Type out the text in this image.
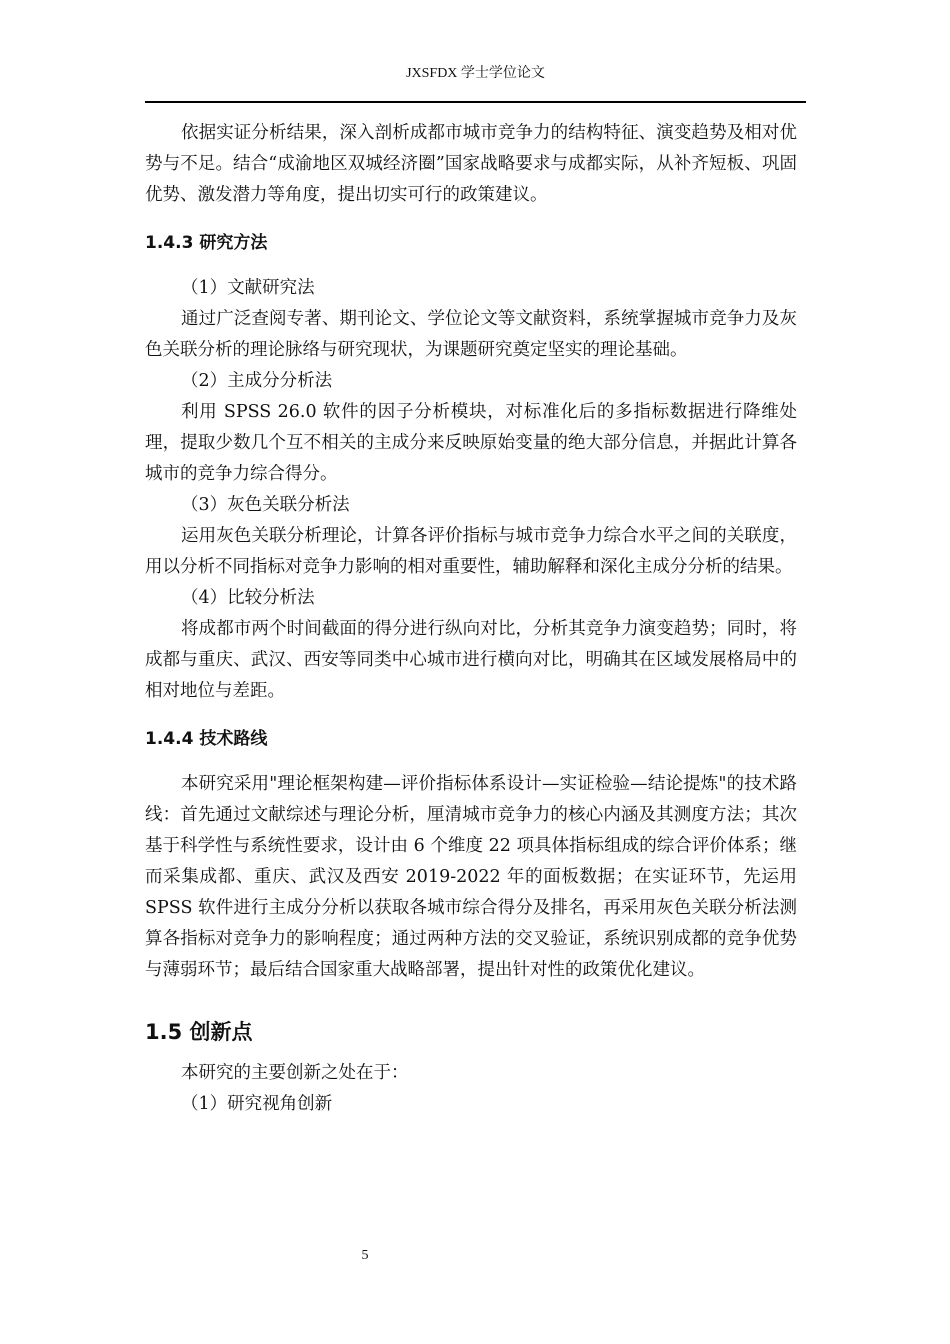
JXSFDX 学士学位论文

依据实证分析结果，深入剖析成都市城市竞争力的结构特征、演变趋势及相对优势与不足。结合“成渝地区双城经济圈”国家战略要求与成都实际，从补齐短板、巩固优势、激发潜力等角度，提出切实可行的政策建议。

1.4.3 研究方法

（1）文献研究法

通过广泛查阅专著、期刊论文、学位论文等文献资料，系统掌握城市竞争力及灰色关联分析的理论脉络与研究现状，为课题研究奠定坚实的理论基础。

（2）主成分分析法

利用 SPSS 26.0 软件的因子分析模块，对标准化后的多指标数据进行降维处理，提取少数几个互不相关的主成分来反映原始变量的绝大部分信息，并据此计算各城市的竞争力综合得分。

（3）灰色关联分析法

运用灰色关联分析理论，计算各评价指标与城市竞争力综合水平之间的关联度，用以分析不同指标对竞争力影响的相对重要性，辅助解释和深化主成分分析的结果。

（4）比较分析法

将成都市两个时间截面的得分进行纵向对比，分析其竞争力演变趋势；同时，将成都与重庆、武汉、西安等同类中心城市进行横向对比，明确其在区域发展格局中的相对地位与差距。

1.4.4 技术路线

本研究采用"理论框架构建—评价指标体系设计—实证检验—结论提炼"的技术路线：首先通过文献综述与理论分析，厘清城市竞争力的核心内涵及其测度方法；其次基于科学性与系统性要求，设计由 6 个维度 22 项具体指标组成的综合评价体系；继而采集成都、重庆、武汉及西安 2019-2022 年的面板数据；在实证环节，先运用 SPSS 软件进行主成分分析以获取各城市综合得分及排名，再采用灰色关联分析法测算各指标对竞争力的影响程度；通过两种方法的交叉验证，系统识别成都的竞争优势与薄弱环节；最后结合国家重大战略部署，提出针对性的政策优化建议。

1.5 创新点

本研究的主要创新之处在于：

（1）研究视角创新

5
